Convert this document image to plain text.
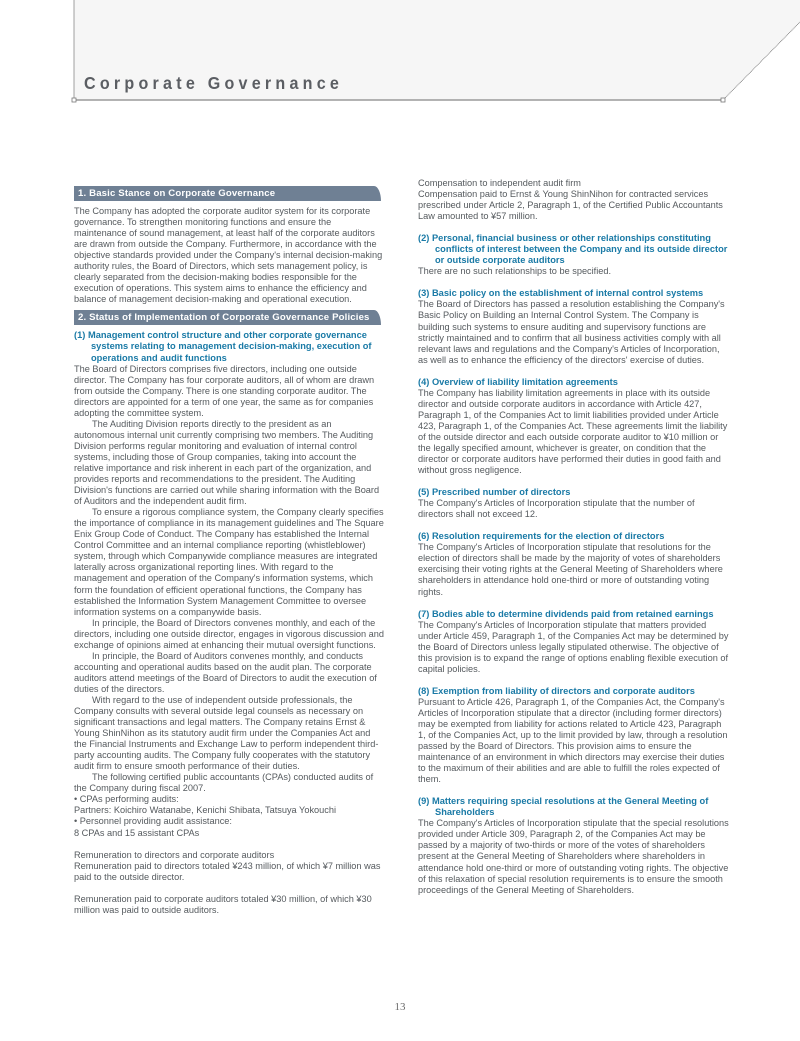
Corporate Governance
1. Basic Stance on Corporate Governance

The Company has adopted the corporate auditor system for its corporate governance. To strengthen monitoring functions and ensure the maintenance of sound management, at least half of the corporate auditors are drawn from outside the Company. Furthermore, in accordance with the objective standards provided under the Company's internal decision-making authority rules, the Board of Directors, which sets management policy, is clearly separated from the decision-making bodies responsible for the execution of operations. This system aims to enhance the efficiency and balance of management decision-making and operational execution.

2. Status of Implementation of Corporate Governance Policies

(1) Management control structure and other corporate governance systems relating to management decision-making, execution of operations and audit functions

The Board of Directors comprises five directors, including one outside director. The Company has four corporate auditors, all of whom are drawn from outside the Company. There is one standing corporate auditor. The directors are appointed for a term of one year, the same as for companies adopting the committee system.

The Auditing Division reports directly to the president as an autonomous internal unit currently comprising two members. The Auditing Division performs regular monitoring and evaluation of internal control systems, including those of Group companies, taking into account the relative importance and risk inherent in each part of the organization, and provides reports and recommendations to the president. The Auditing Division's functions are carried out while sharing information with the Board of Auditors and the independent audit firm.

To ensure a rigorous compliance system, the Company clearly specifies the importance of compliance in its management guidelines and The Square Enix Group Code of Conduct. The Company has established the Internal Control Committee and an internal compliance reporting (whistleblower) system, through which Companywide compliance measures are integrated laterally across organizational reporting lines. With regard to the management and operation of the Company's information systems, which form the foundation of efficient operational functions, the Company has established the Information System Management Committee to oversee information systems on a companywide basis.

In principle, the Board of Directors convenes monthly, and each of the directors, including one outside director, engages in vigorous discussion and exchange of opinions aimed at enhancing their mutual oversight functions.

In principle, the Board of Auditors convenes monthly, and conducts accounting and operational audits based on the audit plan. The corporate auditors attend meetings of the Board of Directors to audit the execution of duties of the directors.

With regard to the use of independent outside professionals, the Company consults with several outside legal counsels as necessary on significant transactions and legal matters. The Company retains Ernst & Young ShinNihon as its statutory audit firm under the Companies Act and the Financial Instruments and Exchange Law to perform independent third-party accounting audits. The Company fully cooperates with the statutory audit firm to ensure smooth performance of their duties.

The following certified public accountants (CPAs) conducted audits of the Company during fiscal 2007.

• CPAs performing audits:

Partners: Koichiro Watanabe, Kenichi Shibata, Tatsuya Yokouchi

• Personnel providing audit assistance:

8 CPAs and 15 assistant CPAs

Remuneration to directors and corporate auditors

Remuneration paid to directors totaled ¥243 million, of which ¥7 million was paid to the outside director.

Remuneration paid to corporate auditors totaled ¥30 million, of which ¥30 million was paid to outside auditors.

Compensation to independent audit firm

Compensation paid to Ernst & Young ShinNihon for contracted services prescribed under Article 2, Paragraph 1, of the Certified Public Accountants Law amounted to ¥57 million.

(2) Personal, financial business or other relationships constituting conflicts of interest between the Company and its outside director or outside corporate auditors

There are no such relationships to be specified.

(3) Basic policy on the establishment of internal control systems

The Board of Directors has passed a resolution establishing the Company's Basic Policy on Building an Internal Control System. The Company is building such systems to ensure auditing and supervisory functions are strictly maintained and to confirm that all business activities comply with all relevant laws and regulations and the Company's Articles of Incorporation, as well as to enhance the efficiency of the directors' exercise of duties.

(4) Overview of liability limitation agreements

The Company has liability limitation agreements in place with its outside director and outside corporate auditors in accordance with Article 427, Paragraph 1, of the Companies Act to limit liabilities provided under Article 423, Paragraph 1, of the Companies Act. These agreements limit the liability of the outside director and each outside corporate auditor to ¥10 million or the legally specified amount, whichever is greater, on condition that the director or corporate auditors have performed their duties in good faith and without gross negligence.

(5) Prescribed number of directors

The Company's Articles of Incorporation stipulate that the number of directors shall not exceed 12.

(6) Resolution requirements for the election of directors

The Company's Articles of Incorporation stipulate that resolutions for the election of directors shall be made by the majority of votes of shareholders exercising their voting rights at the General Meeting of Shareholders where shareholders in attendance hold one-third or more of outstanding voting rights.

(7) Bodies able to determine dividends paid from retained earnings

The Company's Articles of Incorporation stipulate that matters provided under Article 459, Paragraph 1, of the Companies Act may be determined by the Board of Directors unless legally stipulated otherwise. The objective of this provision is to expand the range of options enabling flexible execution of capital policies.

(8) Exemption from liability of directors and corporate auditors

Pursuant to Article 426, Paragraph 1, of the Companies Act, the Company's Articles of Incorporation stipulate that a director (including former directors) may be exempted from liability for actions related to Article 423, Paragraph 1, of the Companies Act, up to the limit provided by law, through a resolution passed by the Board of Directors. This provision aims to ensure the maintenance of an environment in which directors may exercise their duties to the maximum of their abilities and are able to fulfill the roles expected of them.

(9) Matters requiring special resolutions at the General Meeting of Shareholders

The Company's Articles of Incorporation stipulate that the special resolutions provided under Article 309, Paragraph 2, of the Companies Act may be passed by a majority of two-thirds or more of the votes of shareholders present at the General Meeting of Shareholders where shareholders in attendance hold one-third or more of outstanding voting rights. The objective of this relaxation of special resolution requirements is to ensure the smooth proceedings of the General Meeting of Shareholders.

13
